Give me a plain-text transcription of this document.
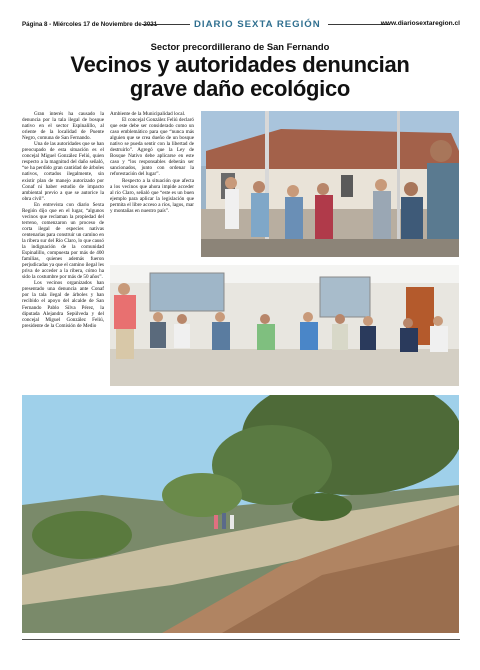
Página 8 - Miércoles 17 de Noviembre de 2021	DIARIO SEXTA REGIÓN	www.diariosextaregion.cl
Sector precordillerano de San Fernando
Vecinos y autoridades denuncian
grave daño ecológico

Gran interés ha causado la denuncia por la tala ilegal de bosque nativo en el sector Espinalillo, al oriente de la localidad de Puente Negro, comuna de San Fernando.

Una de las autoridades que se han preocupado de esta situación es el concejal Miguel González Feliú, quien respecto a la magnitud del daño señaló, “se ha perdido gran cantidad de árboles nativos, cortados ilegalmente, sin existir plan de manejo autorizado por Conaf ni haber estudio de impacto ambiental previo a que se autorice la obra civil”.

En entrevista con diario Sexta Región dijo que en el lugar, “algunos vecinos que reclaman la propiedad del terreno, comenzaron un proceso de corta ilegal de especies nativas centenarias para construir un camino en la ribera sur del Río Claro, lo que causó la indignación de la comunidad Espinalillo, compuesta por más de 400 familias, quienes además fueron perjudicadas ya que el camino ilegal les priva de acceder a la ribera, cómo ha sido la costumbre por más de 50 años”.

Los vecinos organizados han presentado una denuncia ante Conaf por la tala ilegal de árboles y han recibido el apoyo del alcalde de San Fernando Pablo Silva Pérez, la diputada Alejandra Sepúlveda y del concejal Miguel González Feliú, presidente de la Comisión de Medio

Ambiente de la Municipalidad local.

El concejal González Feliú declaró que este debe ser considerado como un caso emblemático para que “nunca más alguien que se crea dueño de un bosque nativo se pueda sentir con la libertad de destruirlo”. Agregó que la Ley de Bosque Nativo debe aplicarse en este caso y “los responsables deberán ser sancionados, junto con ordenar la reforestación del lugar”.

Respecto a la situación que afecta a los vecinos que ahora impide acceder al río Claro, señaló que “este es un buen ejemplo para aplicar la legislación que permita el libre acceso a ríos, lagos, mar y montañas en nuestro país”.
